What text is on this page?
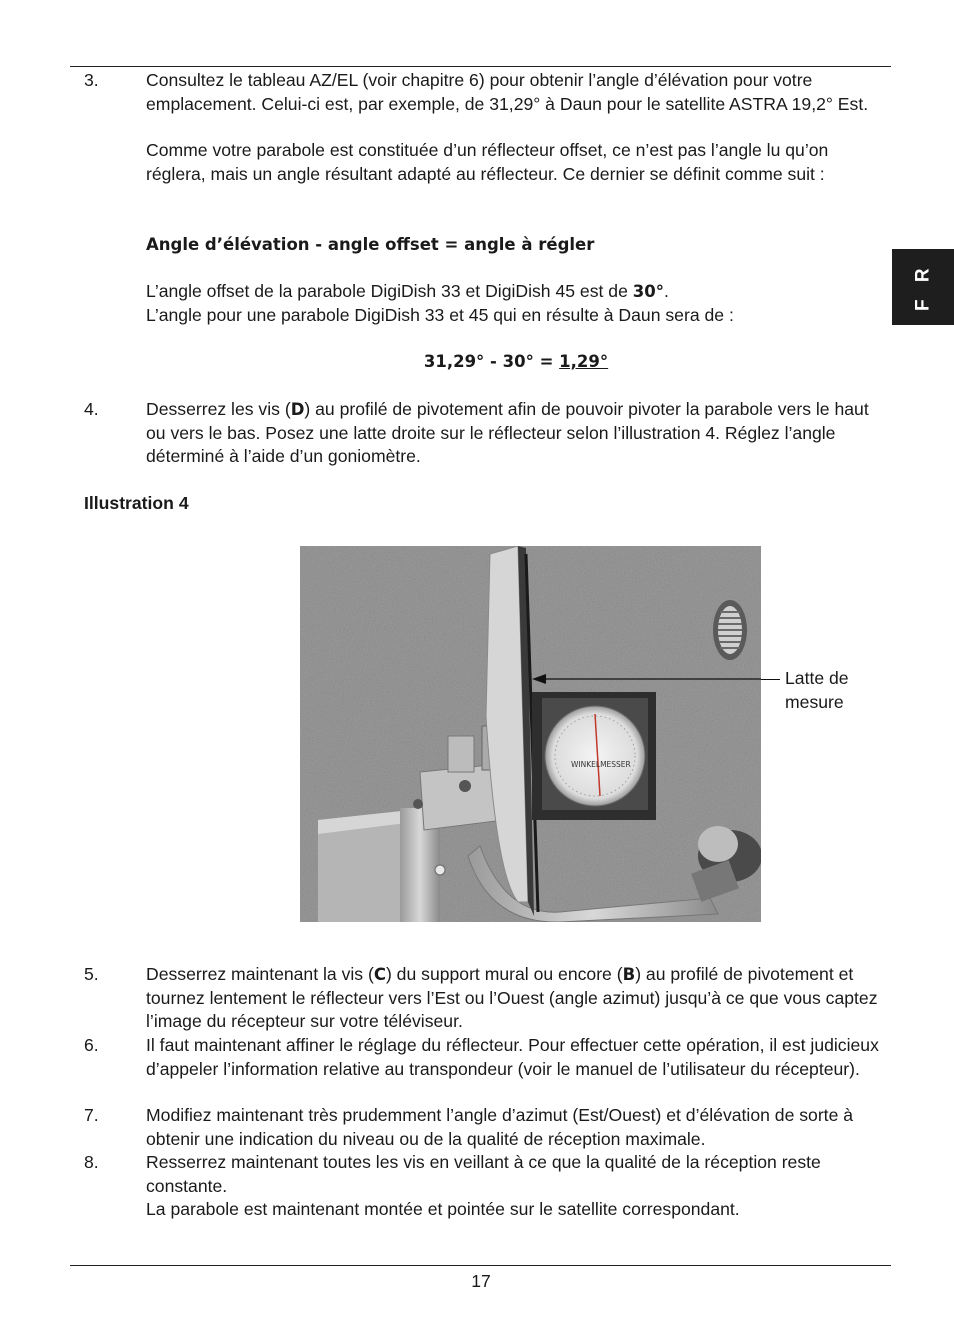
F R

3.	Consultez le tableau AZ/EL (voir chapitre 6) pour obtenir l’angle d’élévation pour votre emplacement. Celui-ci est, par exemple, de 31,29° à Daun pour le satellite ASTRA 19,2° Est.

Comme votre parabole est constituée d’un réflecteur offset, ce n’est pas l’angle lu qu’on réglera, mais un angle résultant adapté au réflecteur. Ce dernier se définit comme suit :

Angle d’élévation - angle offset = angle à régler

L’angle offset de la parabole DigiDish 33 et DigiDish 45 est de 30°.

L’angle pour une parabole DigiDish 33 et 45 qui en résulte à Daun sera de :

31,29° - 30° = 1,29°

4.	Desserrez les vis (D) au profilé de pivotement afin de pouvoir pivoter la parabole vers le haut ou vers le bas. Posez une latte droite sur le réflecteur selon l’illustration 4. Réglez l’angle déterminé à l’aide d’un goniomètre.

Illustration 4

WINKELMESSER

Latte de mesure

5.	Desserrez maintenant la vis (C) du support mural ou encore (B) au profilé de pivotement et tournez lentement le réflecteur vers l’Est ou l’Ouest (angle azimut) jusqu’à ce que vous captez l’image du récepteur sur votre téléviseur.

6.	Il faut maintenant affiner le réglage du réflecteur. Pour effectuer cette opération, il est judicieux d’appeler l’information relative au transpondeur (voir le manuel de l’utilisateur du récepteur).

7.	Modifiez maintenant très prudemment l’angle d’azimut (Est/Ouest) et d’élévation de sorte à obtenir une indication du niveau ou de la qualité de réception maximale.

8.	Resserrez maintenant toutes les vis en veillant à ce que la qualité de la réception reste constante.

La parabole est maintenant montée et pointée sur le satellite correspondant.

17
